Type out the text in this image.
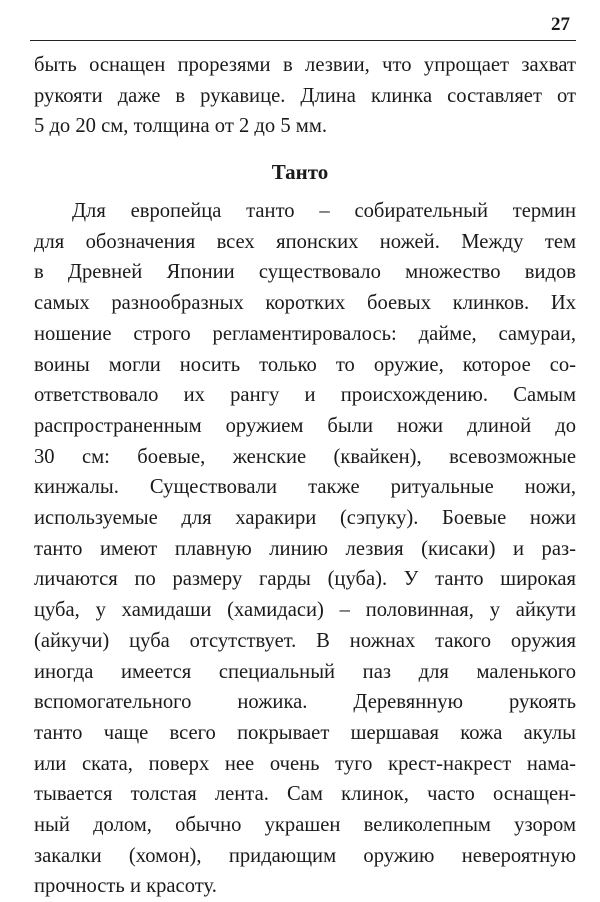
27
быть оснащен прорезями в лезвии, что упрощает захват
рукояти даже в рукавице. Длина клинка составляет от
5 до 20 см, толщина от 2 до 5 мм.
Танто
Для европейца танто – собирательный термин
для обозначения всех японских ножей. Между тем
в Древней Японии существовало множество видов
самых разнообразных коротких боевых клинков. Их
ношение строго регламентировалось: дайме, самураи,
воины могли носить только то оружие, которое со-
ответствовало их рангу и происхождению. Самым
распространенным оружием были ножи длиной до
30 см: боевые, женские (квайкен), всевозможные
кинжалы. Существовали также ритуальные ножи,
используемые для харакири (сэпуку). Боевые ножи
танто имеют плавную линию лезвия (кисаки) и раз-
личаются по размеру гарды (цуба). У танто широкая
цуба, у хамидаши (хамидаси) – половинная, у айкути
(айкучи) цуба отсутствует. В ножнах такого оружия
иногда имеется специальный паз для маленького
вспомогательного ножика. Деревянную рукоять
танто чаще всего покрывает шершавая кожа акулы
или ската, поверх нее очень туго крест-накрест нама-
тывается толстая лента. Сам клинок, часто оснащен-
ный долом, обычно украшен великолепным узором
закалки (хомон), придающим оружию невероятную
прочность и красоту.
